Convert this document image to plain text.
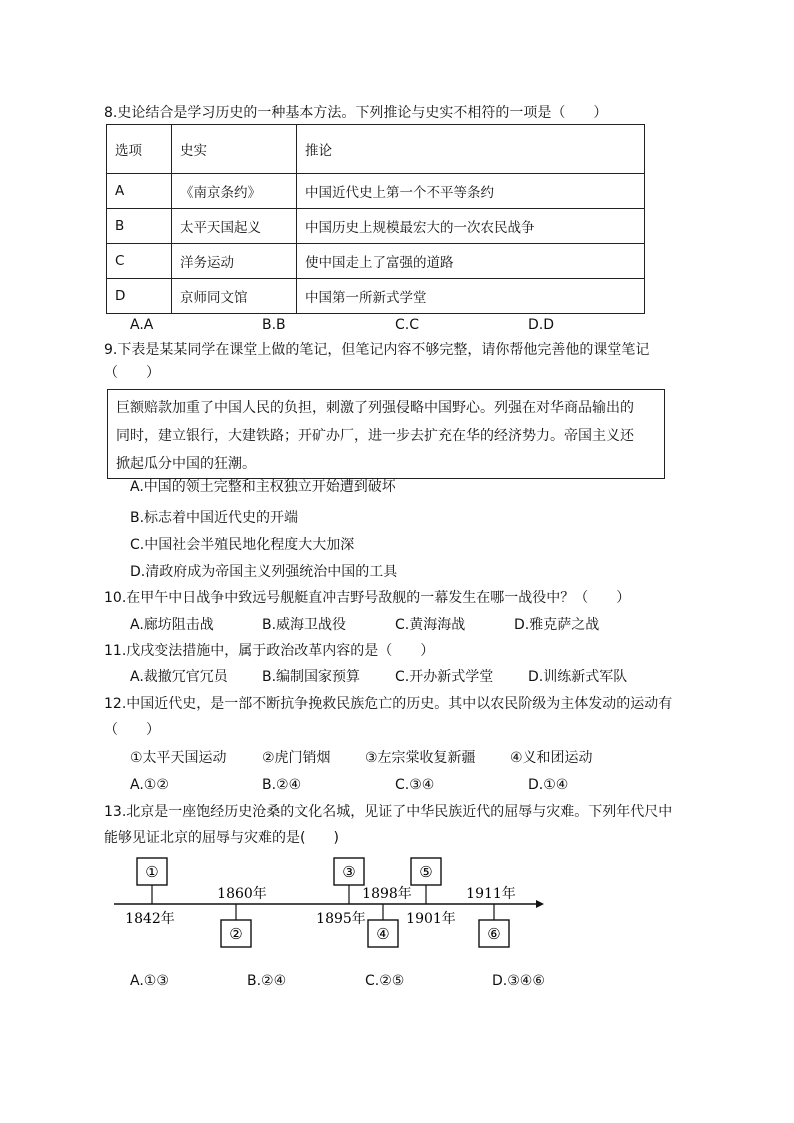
8.史论结合是学习历史的一种基本方法。下列推论与史实不相符的一项是（　　）
选项	史实	推论
A	《南京条约》	中国近代史上第一个不平等条约
B	太平天国起义	中国历史上规模最宏大的一次农民战争
C	洋务运动	使中国走上了富强的道路
D	京师同文馆	中国第一所新式学堂
A.A	B.B	C.C	D.D
9.下表是某某同学在课堂上做的笔记，但笔记内容不够完整，请你帮他完善他的课堂笔记
（　　）
巨额赔款加重了中国人民的负担，刺激了列强侵略中国野心。列强在对华商品输出的
同时，建立银行，大建铁路；开矿办厂，进一步去扩充在华的经济势力。帝国主义还
掀起瓜分中国的狂潮。
A.中国的领土完整和主权独立开始遭到破坏
B.标志着中国近代史的开端
C.中国社会半殖民地化程度大大加深
D.清政府成为帝国主义列强统治中国的工具
10.在甲午中日战争中致远号舰艇直冲吉野号敌舰的一幕发生在哪一战役中？（　　）
A.廊坊阻击战	B.威海卫战役	C.黄海海战	D.雅克萨之战
11.戊戌变法措施中，属于政治改革内容的是（　　）
A.裁撤冗官冗员 B.编制国家预算 C.开办新式学堂 D.训练新式军队
12.中国近代史，是一部不断抗争挽救民族危亡的历史。其中以农民阶级为主体发动的运动有
（　　）
①太平天国运动	②虎门销烟 ③左宗棠收复新疆 ④义和团运动
A.①②	B.②④	C.③④	D.①④
13.北京是一座饱经历史沧桑的文化名城，见证了中华民族近代的屈辱与灾难。下列年代尺中
能够见证北京的屈辱与灾难的是(　　)
①	③	⑤
②	④	⑥
1860年	1898年	1911年
1842年	1895年	1901年
A.①③	B.②④	C.②⑤	D.③④⑥
